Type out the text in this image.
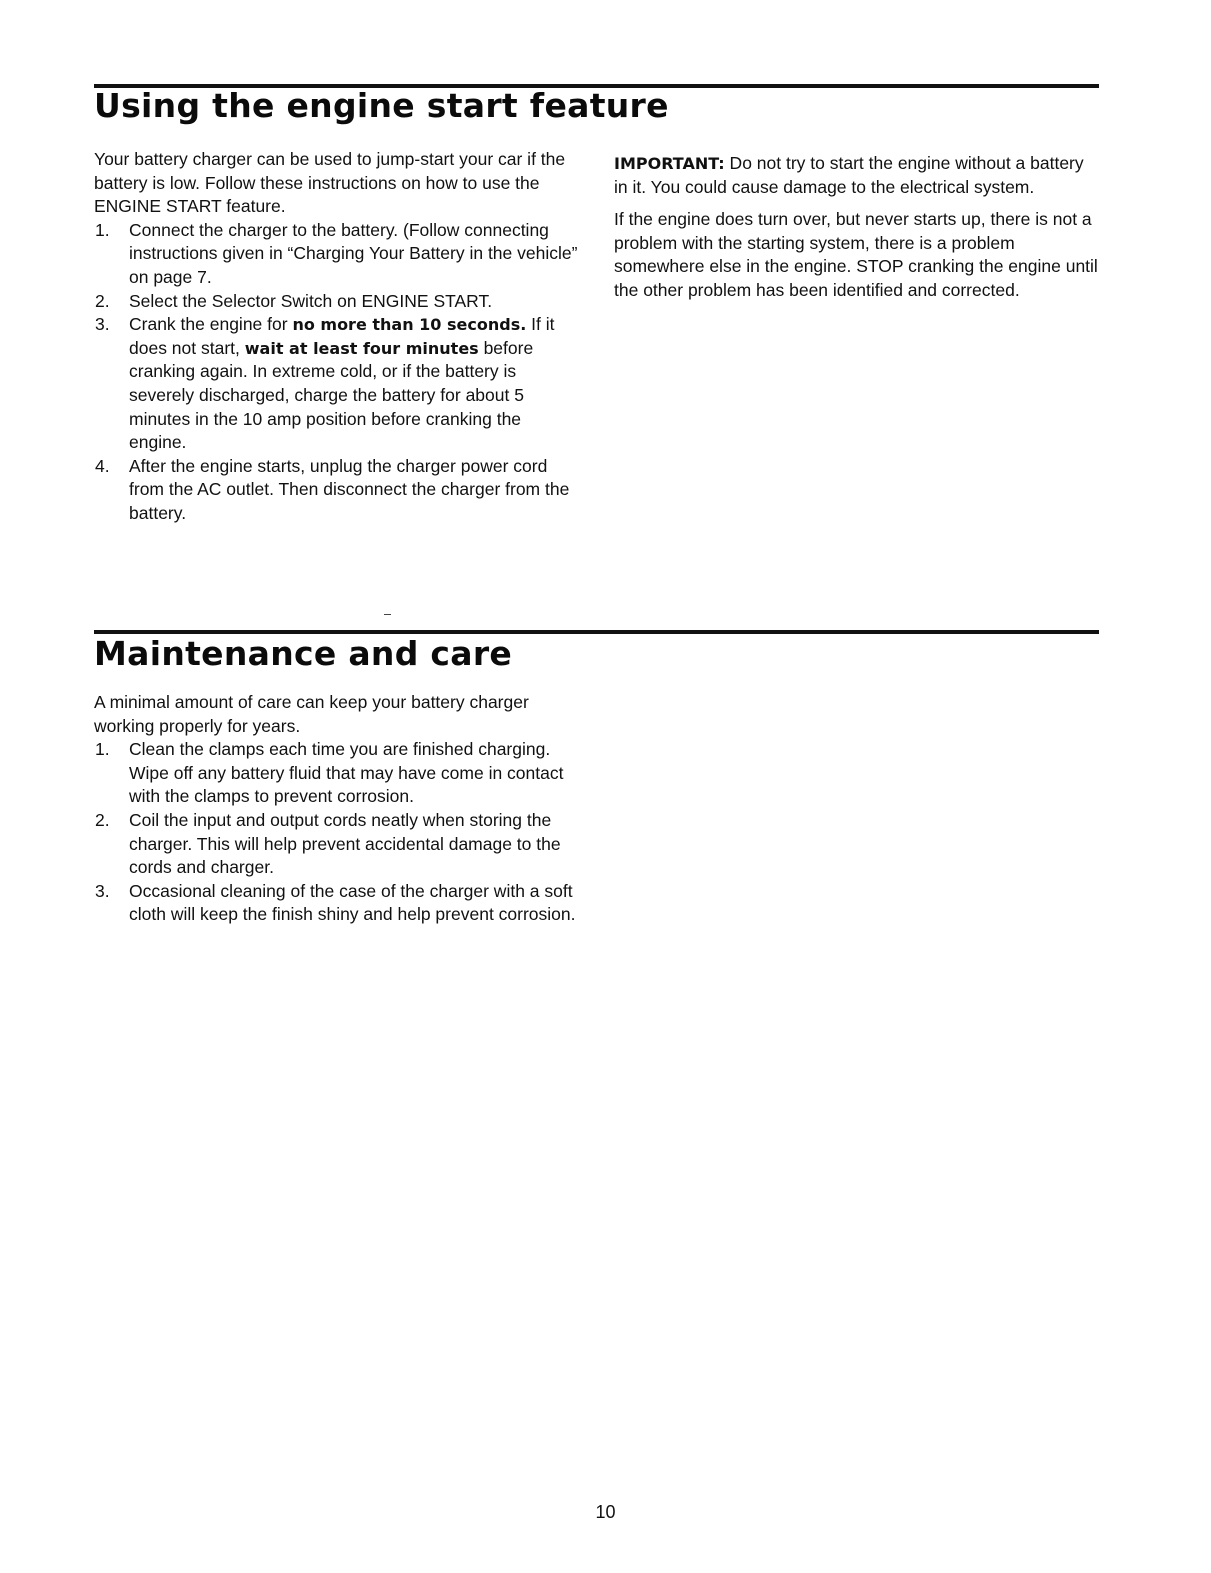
Using the engine start feature

Your battery charger can be used to jump-start your car if the battery is low. Follow these instructions on how to use the ENGINE START feature.

1. Connect the charger to the battery. (Follow connecting instructions given in “Charging Your Battery in the vehicle” on page 7.
2. Select the Selector Switch on ENGINE START.
3. Crank the engine for no more than 10 seconds. If it does not start, wait at least four minutes before cranking again. In extreme cold, or if the battery is severely discharged, charge the battery for about 5 minutes in the 10 amp position before cranking the engine.
4. After the engine starts, unplug the charger power cord from the AC outlet. Then disconnect the charger from the battery.

IMPORTANT: Do not try to start the engine without a battery in it. You could cause damage to the electrical system.

If the engine does turn over, but never starts up, there is not a problem with the starting system, there is a problem somewhere else in the engine. STOP cranking the engine until the other problem has been identified and corrected.

Maintenance and care

A minimal amount of care can keep your battery charger working properly for years.

1. Clean the clamps each time you are finished charging. Wipe off any battery fluid that may have come in contact with the clamps to prevent corrosion.
2. Coil the input and output cords neatly when storing the charger. This will help prevent accidental damage to the cords and charger.
3. Occasional cleaning of the case of the charger with a soft cloth will keep the finish shiny and help prevent corrosion.
10
